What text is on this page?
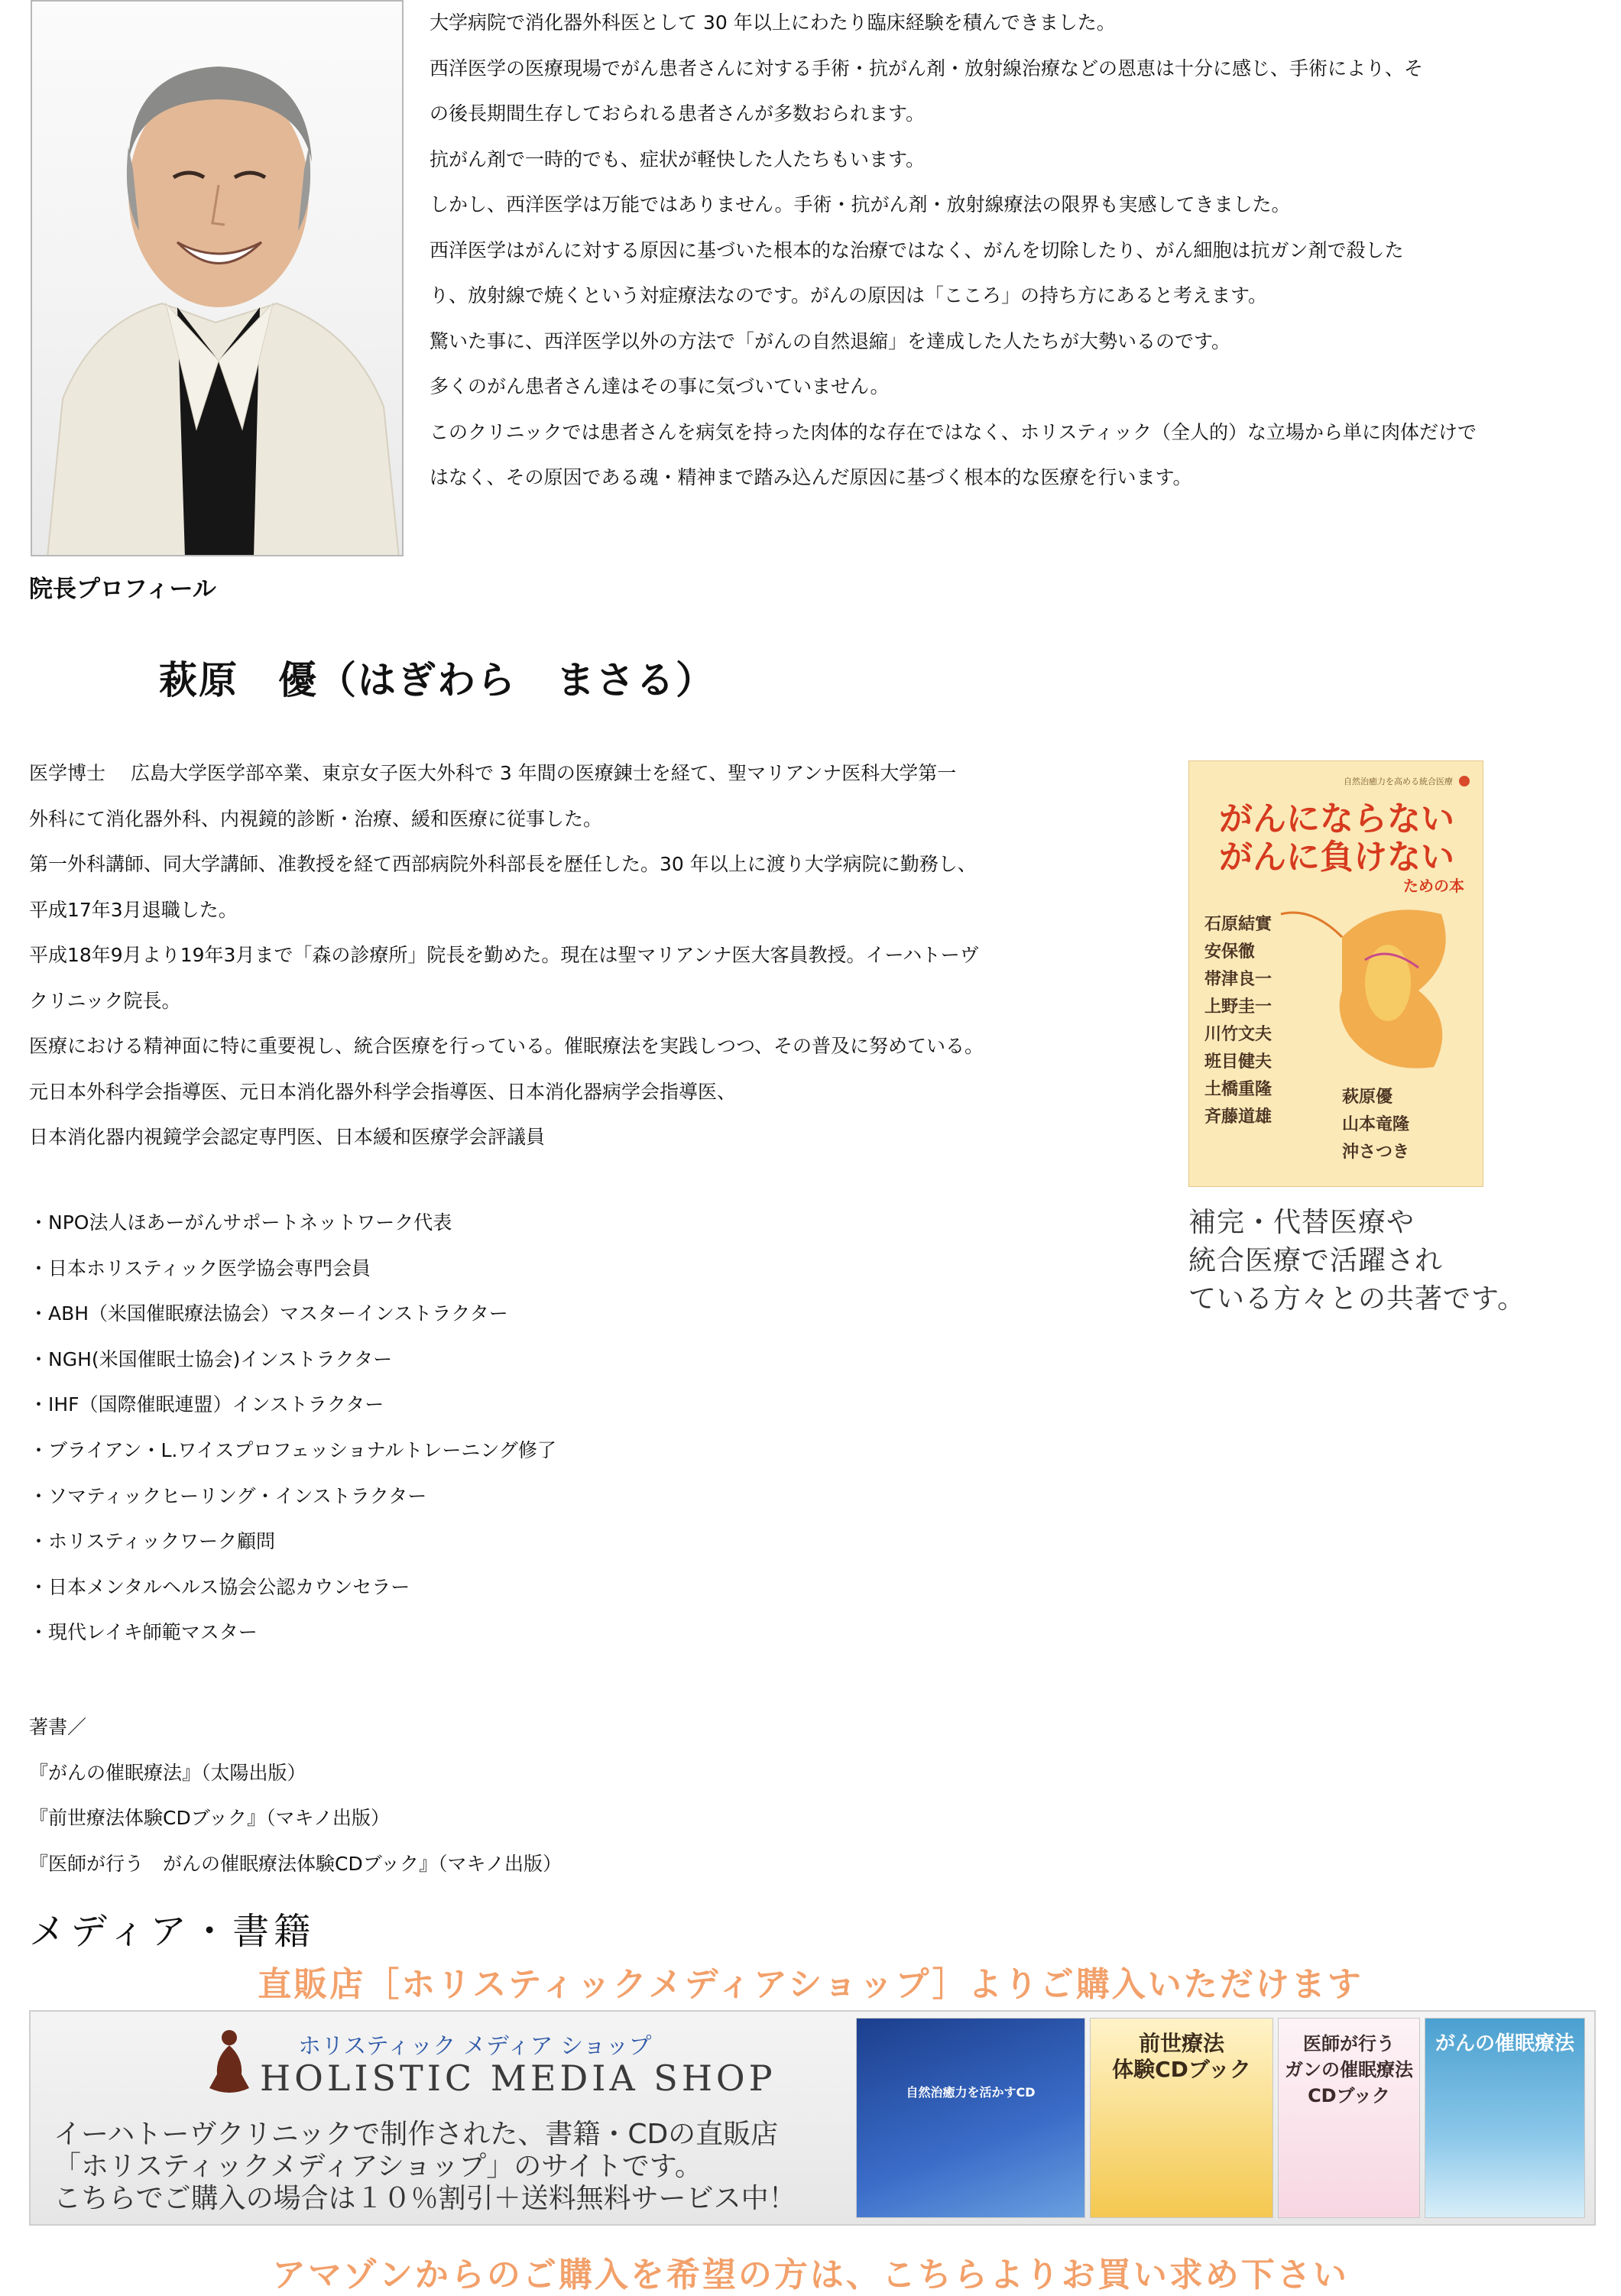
大学病院で消化器外科医として 30 年以上にわたり臨床経験を積んできました。

西洋医学の医療現場でがん患者さんに対する手術・抗がん剤・放射線治療などの恩恵は十分に感じ、手術により、そ

の後長期間生存しておられる患者さんが多数おられます。

抗がん剤で一時的でも、症状が軽快した人たちもいます。

しかし、西洋医学は万能ではありません。手術・抗がん剤・放射線療法の限界も実感してきました。

西洋医学はがんに対する原因に基づいた根本的な治療ではなく、がんを切除したり、がん細胞は抗ガン剤で殺した

り、放射線で焼くという対症療法なのです。がんの原因は「こころ」の持ち方にあると考えます。

驚いた事に、西洋医学以外の方法で「がんの自然退縮」を達成した人たちが大勢いるのです。

多くのがん患者さん達はその事に気づいていません。

このクリニックでは患者さんを病気を持った肉体的な存在ではなく、ホリスティック（全人的）な立場から単に肉体だけで

はなく、その原因である魂・精神まで踏み込んだ原因に基づく根本的な医療を行います。

院長プロフィール
萩原　優（はぎわら　まさる）

医学博士　 広島大学医学部卒業、東京女子医大外科で 3 年間の医療錬士を経て、聖マリアンナ医科大学第一

外科にて消化器外科、内視鏡的診断・治療、緩和医療に従事した。

第一外科講師、同大学講師、准教授を経て西部病院外科部長を歴任した。30 年以上に渡り大学病院に勤務し、

平成17年3月退職した。

平成18年9月より19年3月まで「森の診療所」院長を勤めた。現在は聖マリアンナ医大客員教授。イーハトーヴ

クリニック院長。

医療における精神面に特に重要視し、統合医療を行っている。催眠療法を実践しつつ、その普及に努めている。

元日本外科学会指導医、元日本消化器外科学会指導医、日本消化器病学会指導医、

日本消化器内視鏡学会認定専門医、日本緩和医療学会評議員

・NPO法人ほあーがんサポートネットワーク代表

・日本ホリスティック医学協会専門会員

・ABH（米国催眠療法協会）マスターインストラクター

・NGH(米国催眠士協会)インストラクター

・IHF（国際催眠連盟）インストラクター

・ブライアン・L.ワイスプロフェッショナルトレーニング修了

・ソマティックヒーリング・インストラクター

・ホリスティックワーク顧問

・日本メンタルヘルス協会公認カウンセラー

・現代レイキ師範マスター

著書／

『がんの催眠療法』（太陽出版）

『前世療法体験CDブック』（マキノ出版）

『医師が行う　がんの催眠療法体験CDブック』（マキノ出版）

自然治癒力を高める統合医療
がんにならない
がんに負けない
ための本
石原結實
安保徹
帯津良一
上野圭一
川竹文夫
班目健夫
土橋重隆
斉藤道雄
萩原優
山本竜隆
沖さつき

補完・代替医療や

統合医療で活躍され

ている方々との共著です。

メディア・書籍
直販店［ホリスティックメディアショップ］よりご購入いただけます
ホリスティック メディア ショップ
HOLISTIC MEDIA SHOP

イーハトーヴクリニックで制作された、書籍・CDの直販店

「ホリスティックメディアショップ」のサイトです。

こちらでご購入の場合は１０％割引＋送料無料サービス中！

自然治癒力を活かすCD
前世療法
体験CDブック
医師が行う
ガンの催眠療法
CDブック
がんの催眠療法
アマゾンからのご購入を希望の方は、こちらよりお買い求め下さい
